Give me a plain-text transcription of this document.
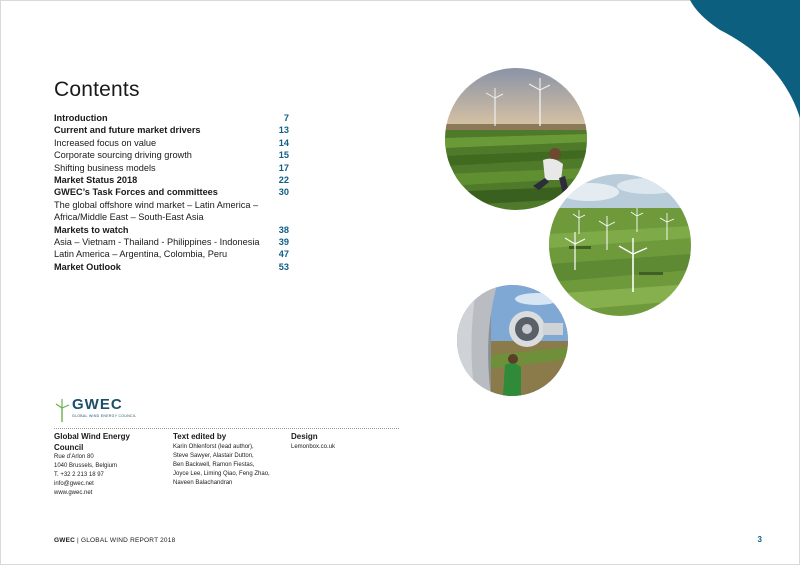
Contents
Introduction	7
Current and future market drivers	13
Increased focus on value	14
Corporate sourcing driving growth	15
Shifting business models	17
Market Status 2018	22
GWEC’s Task Forces and committees	30
The global offshore wind market – Latin America – Africa/Middle East – South-East Asia
Markets to watch	38
Asia – Vietnam - Thailand - Philippines - Indonesia	39
Latin America – Argentina, Colombia, Peru	47
Market Outlook	53
GWEC
GLOBAL WIND ENERGY COUNCIL
Global Wind Energy Council
Rue d’Arlon 80
1040 Brussels, Belgium
T. +32 2 213 18 97
info@gwec.net
www.gwec.net
Text edited by
Karin Ohlenforst (lead author),
Steve Sawyer, Alastair Dutton,
Ben Backwell, Ramon Fiestas,
Joyce Lee, Liming Qiao, Feng Zhao,
Naveen Balachandran
Design
Lemonbox.co.uk
GWEC | GLOBAL WIND REPORT 2018	3
